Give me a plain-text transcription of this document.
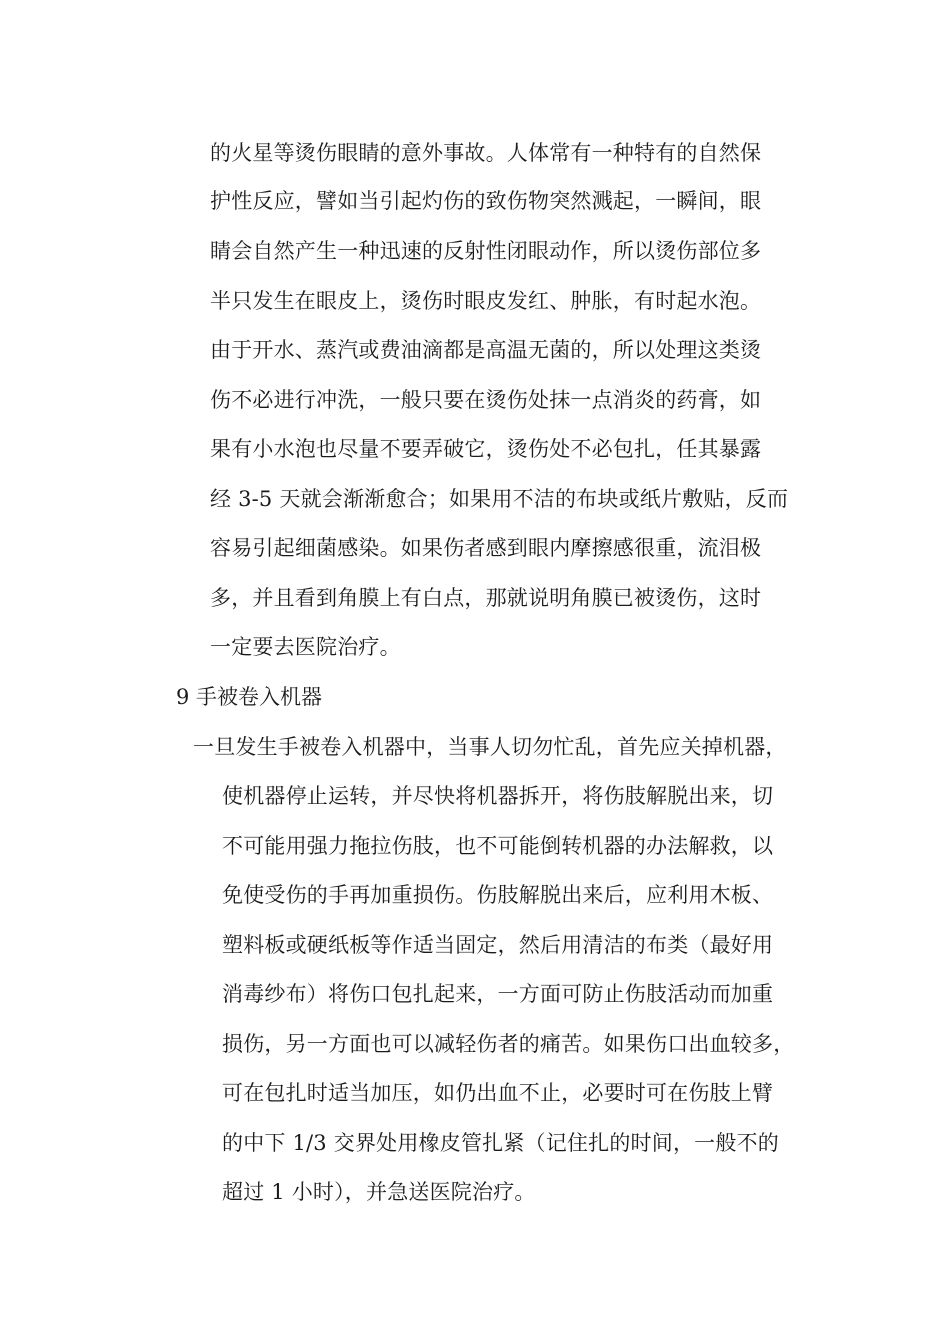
的火星等烫伤眼睛的意外事故。人体常有一种特有的自然保
护性反应，譬如当引起灼伤的致伤物突然溅起，一瞬间，眼
睛会自然产生一种迅速的反射性闭眼动作，所以烫伤部位多
半只发生在眼皮上，烫伤时眼皮发红、肿胀，有时起水泡。
由于开水、蒸汽或费油滴都是高温无菌的，所以处理这类烫
伤不必进行冲洗，一般只要在烫伤处抹一点消炎的药膏，如
果有小水泡也尽量不要弄破它，烫伤处不必包扎，任其暴露
经 3-5 天就会渐渐愈合；如果用不洁的布块或纸片敷贴，反而
容易引起细菌感染。如果伤者感到眼内摩擦感很重，流泪极
多，并且看到角膜上有白点，那就说明角膜已被烫伤，这时
一定要去医院治疗。
9 手被卷入机器
一旦发生手被卷入机器中，当事人切勿忙乱，首先应关掉机器，
使机器停止运转，并尽快将机器拆开，将伤肢解脱出来，切
不可能用强力拖拉伤肢，也不可能倒转机器的办法解救，以
免使受伤的手再加重损伤。伤肢解脱出来后，应利用木板、
塑料板或硬纸板等作适当固定，然后用清洁的布类（最好用
消毒纱布）将伤口包扎起来，一方面可防止伤肢活动而加重
损伤，另一方面也可以减轻伤者的痛苦。如果伤口出血较多，
可在包扎时适当加压，如仍出血不止，必要时可在伤肢上臂
的中下 1/3 交界处用橡皮管扎紧（记住扎的时间，一般不的
超过 1 小时），并急送医院治疗。
